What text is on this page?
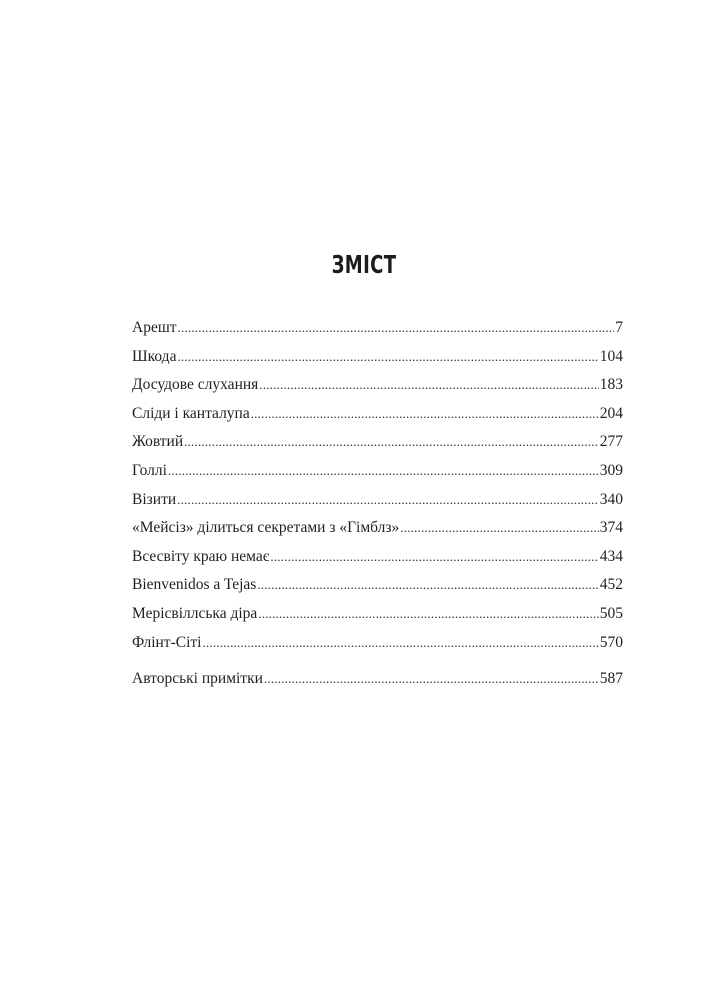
ЗМІСТ
Арешт .....	7
Шкода .....	104
Досудове слухання .....	183
Сліди і канталупа .....	204
Жовтий .....	277
Голлі .....	309
Візити .....	340
«Мейсіз» ділиться секретами з «Гімблз» .....	374
Всесвіту краю немає .....	434
Bienvenidos a Tejas .....	452
Мерісвіллська діра .....	505
Флінт-Сіті .....	570
Авторські примітки .....	587
